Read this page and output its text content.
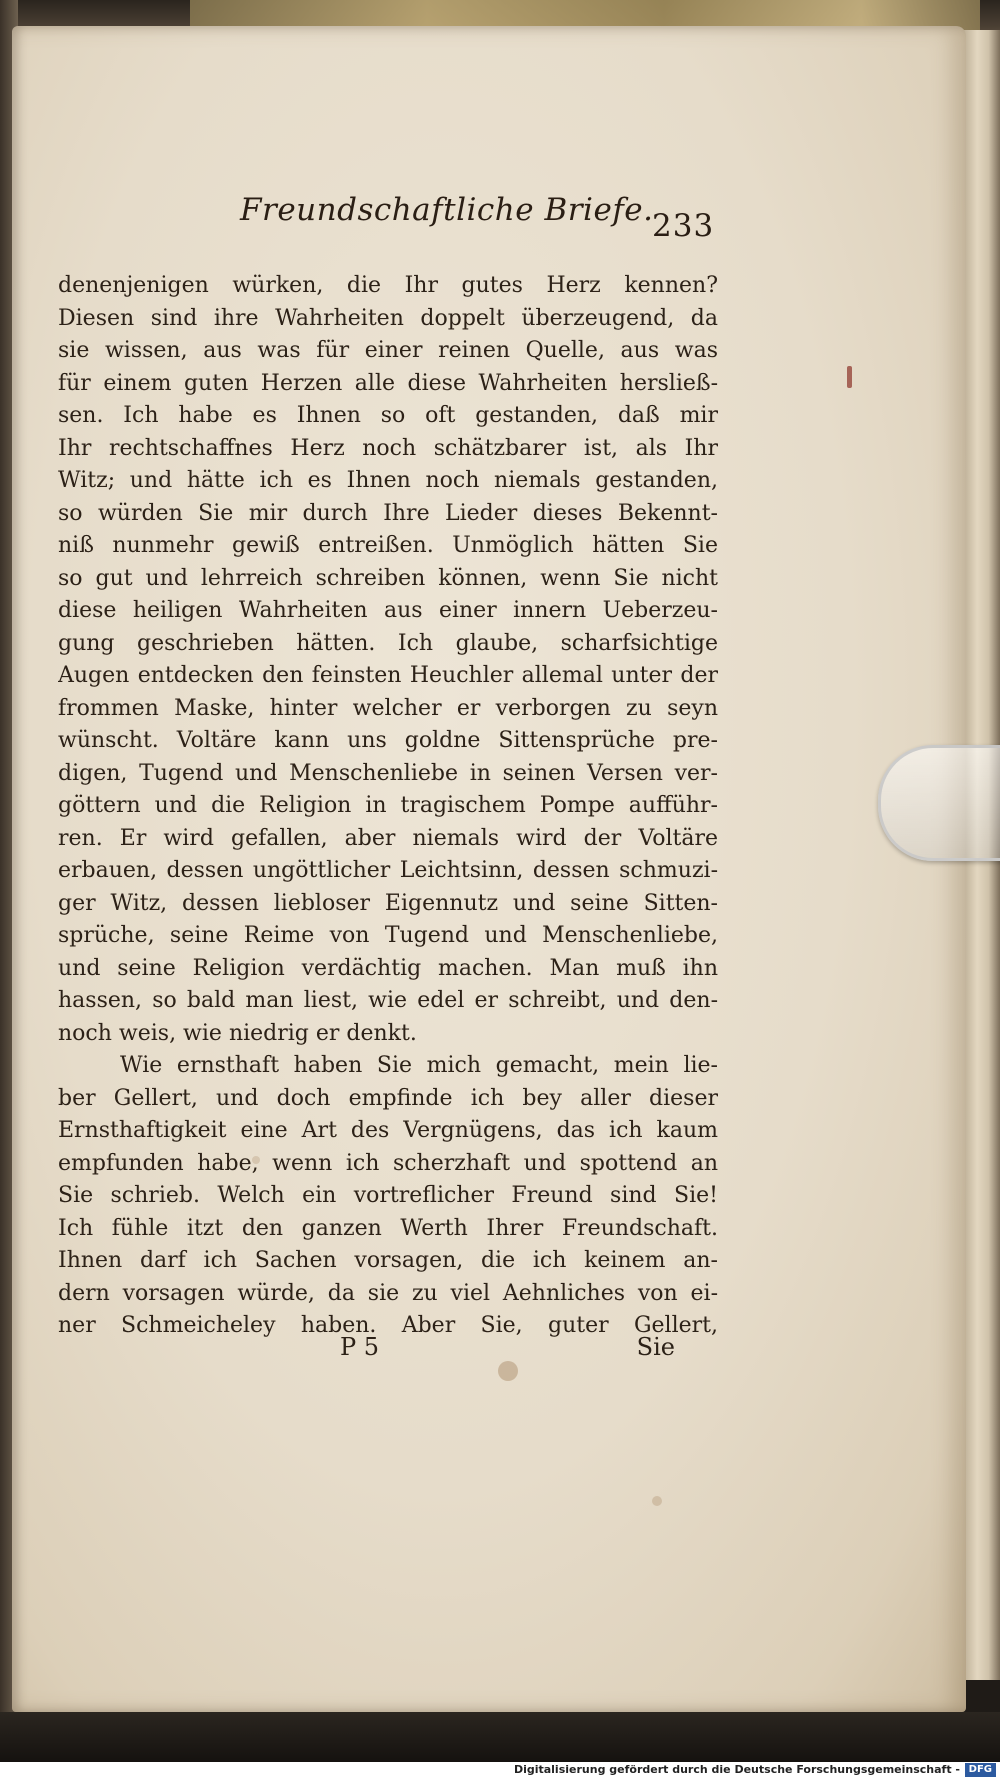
Freundschaftliche Briefe.
233
denenjenigen würken, die Ihr gutes Herz kennen?
Diesen sind ihre Wahrheiten doppelt überzeugend, da
sie wissen, aus was für einer reinen Quelle, aus was
für einem guten Herzen alle diese Wahrheiten hersließ-
sen. Ich habe es Ihnen so oft gestanden, daß mir
Ihr rechtschaffnes Herz noch schätzbarer ist, als Ihr
Witz; und hätte ich es Ihnen noch niemals gestanden,
so würden Sie mir durch Ihre Lieder dieses Bekennt-
niß nunmehr gewiß entreißen. Unmöglich hätten Sie
so gut und lehrreich schreiben können, wenn Sie nicht
diese heiligen Wahrheiten aus einer innern Ueberzeu-
gung geschrieben hätten. Ich glaube, scharfsichtige
Augen entdecken den feinsten Heuchler allemal unter der
frommen Maske, hinter welcher er verborgen zu seyn
wünscht. Voltäre kann uns goldne Sittensprüche pre-
digen, Tugend und Menschenliebe in seinen Versen ver-
göttern und die Religion in tragischem Pompe aufführ-
ren. Er wird gefallen, aber niemals wird der Voltäre
erbauen, dessen ungöttlicher Leichtsinn, dessen schmuzi-
ger Witz, dessen liebloser Eigennutz und seine Sitten-
sprüche, seine Reime von Tugend und Menschenliebe,
und seine Religion verdächtig machen. Man muß ihn
hassen, so bald man liest, wie edel er schreibt, und den-
noch weis, wie niedrig er denkt.
Wie ernsthaft haben Sie mich gemacht, mein lie-
ber Gellert, und doch empfinde ich bey aller dieser
Ernsthaftigkeit eine Art des Vergnügens, das ich kaum
empfunden habe, wenn ich scherzhaft und spottend an
Sie schrieb. Welch ein vortreflicher Freund sind Sie!
Ich fühle itzt den ganzen Werth Ihrer Freundschaft.
Ihnen darf ich Sachen vorsagen, die ich keinem an-
dern vorsagen würde, da sie zu viel Aehnliches von ei-
ner Schmeicheley haben. Aber Sie, guter Gellert,
P 5	Sie
Digitalisierung gefördert durch die Deutsche Forschungsgemeinschaft - DFG
